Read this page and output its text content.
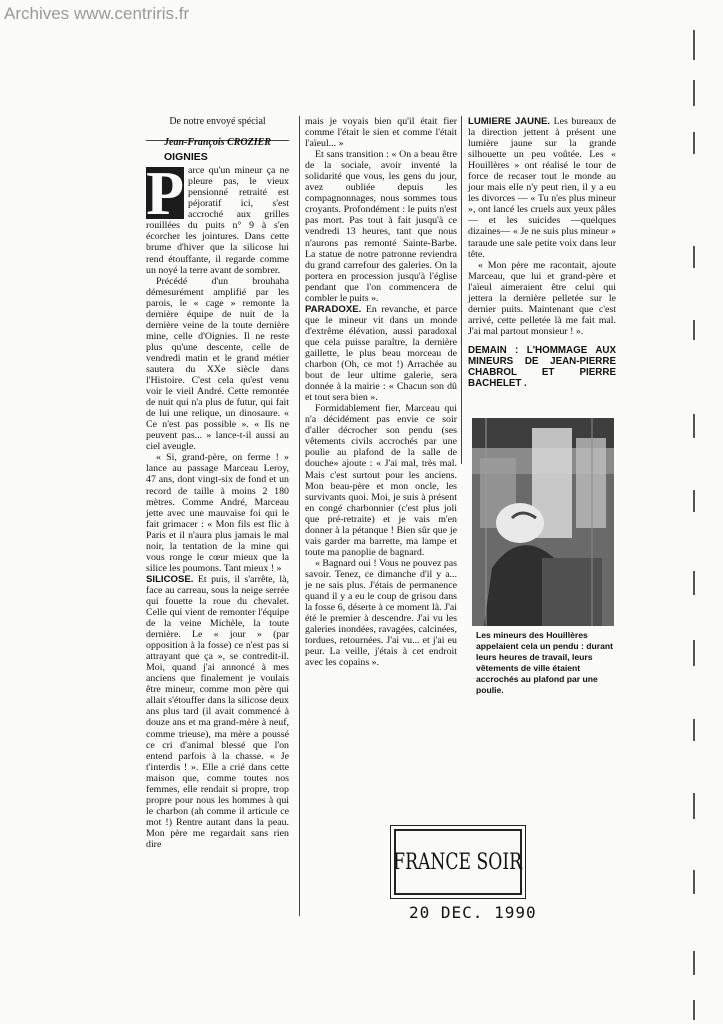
Archives www.centriris.fr
De notre envoyé spécial
Jean-François CROZIER
OIGNIES
P arce qu'un mineur ça ne pleure pas, le vieux pensionné retraité est péjoratif ici, s'est accroché aux grilles rouillées du puits n° 9 à s'en écorcher les jointures. Dans cette brume d'hiver que la silicose lui rend étouffante, il regarde comme un noyé la terre avant de sombrer.

Précédé d'un brouhaha démesurément amplifié par les parois, le « cage » remonte la dernière équipe de nuit de la dernière veine de la toute dernière mine, celle d'Oignies. Il ne reste plus qu'une descente, celle de vendredi matin et le grand métier sautera du XXe siècle dans l'Histoire. C'est cela qu'est venu voir le vieil André. Cette remontée de nuit qui n'a plus de futur, qui fait de lui une relique, un dinosaure. « Ce n'est pas possible ». « Ils ne peuvent pas... » lance-t-il aussi au ciel aveugle.

« Si, grand-père, on ferme ! » lance au passage Marceau Leroy, 47 ans, dont vingt-six de fond et un record de taille à moins 2 180 mètres. Comme André, Marceau jette avec une mauvaise foi qui le fait grimacer : « Mon fils est flic à Paris et il n'aura plus jamais le mal noir, la tentation de la mine qui vous ronge le cœur mieux que la silice les poumons. Tant mieux ! »

SILICOSE. Et puis, il s'arrête, là, face au carreau, sous la neige serrée qui fouette la roue du chevalet. Celle qui vient de remonter l'équipe de la veine Michèle, la toute dernière. Le « jour » (par opposition à la fosse) ce n'est pas si attrayant que ça », se contredit-il. Moi, quand j'ai annoncé à mes anciens que finalement je voulais être mineur, comme mon père qui allait s'étouffer dans la silicose deux ans plus tard (il avait commencé à douze ans et ma grand-mère à neuf, comme trieuse), ma mère a poussé ce cri d'animal blessé que l'on entend parfois à la chasse. « Je t'interdis ! ». Elle a crié dans cette maison que, comme toutes nos femmes, elle rendait si propre, trop propre pour nous les hommes à qui le charbon (ah comme il articule ce mot !) Rentre autant dans la peau. Mon père me regardait sans rien dire

mais je voyais bien qu'il était fier comme l'était le sien et comme l'était l'aïeul... »

Et sans transition : « On a beau être de la sociale, avoir inventé la solidarité que vous, les gens du jour, avez oubliée depuis les compagnonnages, nous sommes tous croyants. Profondément : le puits n'est pas mort. Pas tout à fait jusqu'à ce vendredi 13 heures, tant que nous n'aurons pas remonté Sainte-Barbe. La statue de notre patronne reviendra du grand carrefour des galeries. On la portera en procession jusqu'à l'église pendant que l'on commencera de combler le puits ».

PARADOXE. En revanche, et parce que le mineur vit dans un monde d'extrême élévation, aussi paradoxal que cela puisse paraître, la dernière gaillette, le plus beau morceau de charbon (Oh, ce mot !) Arrachée au bout de leur ultime galerie, sera donnée à la mairie : « Chacun son dû et tout sera bien ».

Formidablement fier, Marceau qui n'a décidément pas envie ce soir d'aller décrocher son pendu (ses vêtements civils accrochés par une poulie au plafond de la salle de douche» ajoute : « J'ai mal, très mal. Mais c'est surtout pour les anciens. Mon beau-père et mon oncle, les survivants quoi. Moi, je suis à présent en congé charbonnier (c'est plus joli que pré-retraite) et je vais m'en donner à la pétanque ! Bien sûr que je vais garder ma barrette, ma lampe et toute ma panoplie de bagnard.

« Bagnard oui ! Vous ne pouvez pas savoir. Tenez, ce dimanche d'il y a... je ne sais plus. J'étais de permanence quand il y a eu le coup de grisou dans la fosse 6, déserte à ce moment là. J'ai été le premier à descendre. J'ai vu les galeries inondées, ravagées, calcinées, tordues, retournées. J'ai vu... et j'ai eu peur. La veille, j'étais à cet endroit avec les copains ».

LUMIERE JAUNE. Les bureaux de la direction jettent à présent une lumière jaune sur la grande silhouette un peu voûtée. Les « Houillères » ont réalisé le tour de force de recaser tout le monde au jour mais elle n'y peut rien, il y a eu les divorces — « Tu n'es plus mineur », ont lancé les cruels aux yeux pâles— et les suicides —quelques dizaines— « Je ne suis plus mineur » taraude une sale petite voix dans leur tête.

« Mon père me racontait, ajoute Marceau, que lui et grand-père et l'aïeul aimeraient être celui qui jettera la dernière pelletée sur le dernier puits. Maintenant que c'est arrivé, cette pelletée là me fait mal. J'ai mal partout monsieur ! ».

DEMAIN : L'HOMMAGE AUX MINEURS DE JEAN-PIERRE CHABROL ET PIERRE BACHELET .
Les mineurs des Houillères appelaient cela un pendu : durant leurs heures de travail, leurs vêtements de ville étaient accrochés au plafond par une poulie.
FRANCE SOIR
20 DEC. 1990
